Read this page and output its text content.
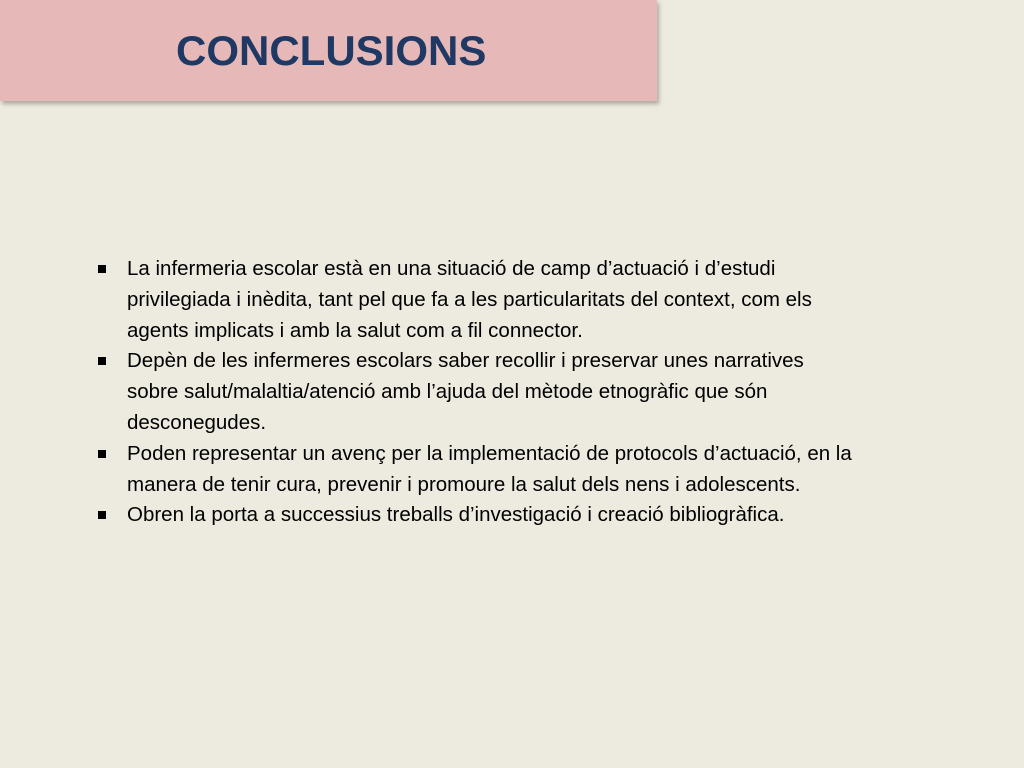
CONCLUSIONS
La infermeria escolar està en una situació de camp d’actuació i d’estudi privilegiada i inèdita, tant pel que fa a les particularitats del context, com els agents implicats i amb la salut com a fil connector.
Depèn de les infermeres escolars saber recollir i preservar unes narratives sobre salut/malaltia/atenció amb l’ajuda del mètode etnogràfic que són desconegudes.
Poden representar un avenç per la implementació de protocols d’actuació, en la manera de tenir cura, prevenir i promoure la salut dels nens i adolescents.
Obren la porta a successius treballs d’investigació i creació bibliogràfica.
